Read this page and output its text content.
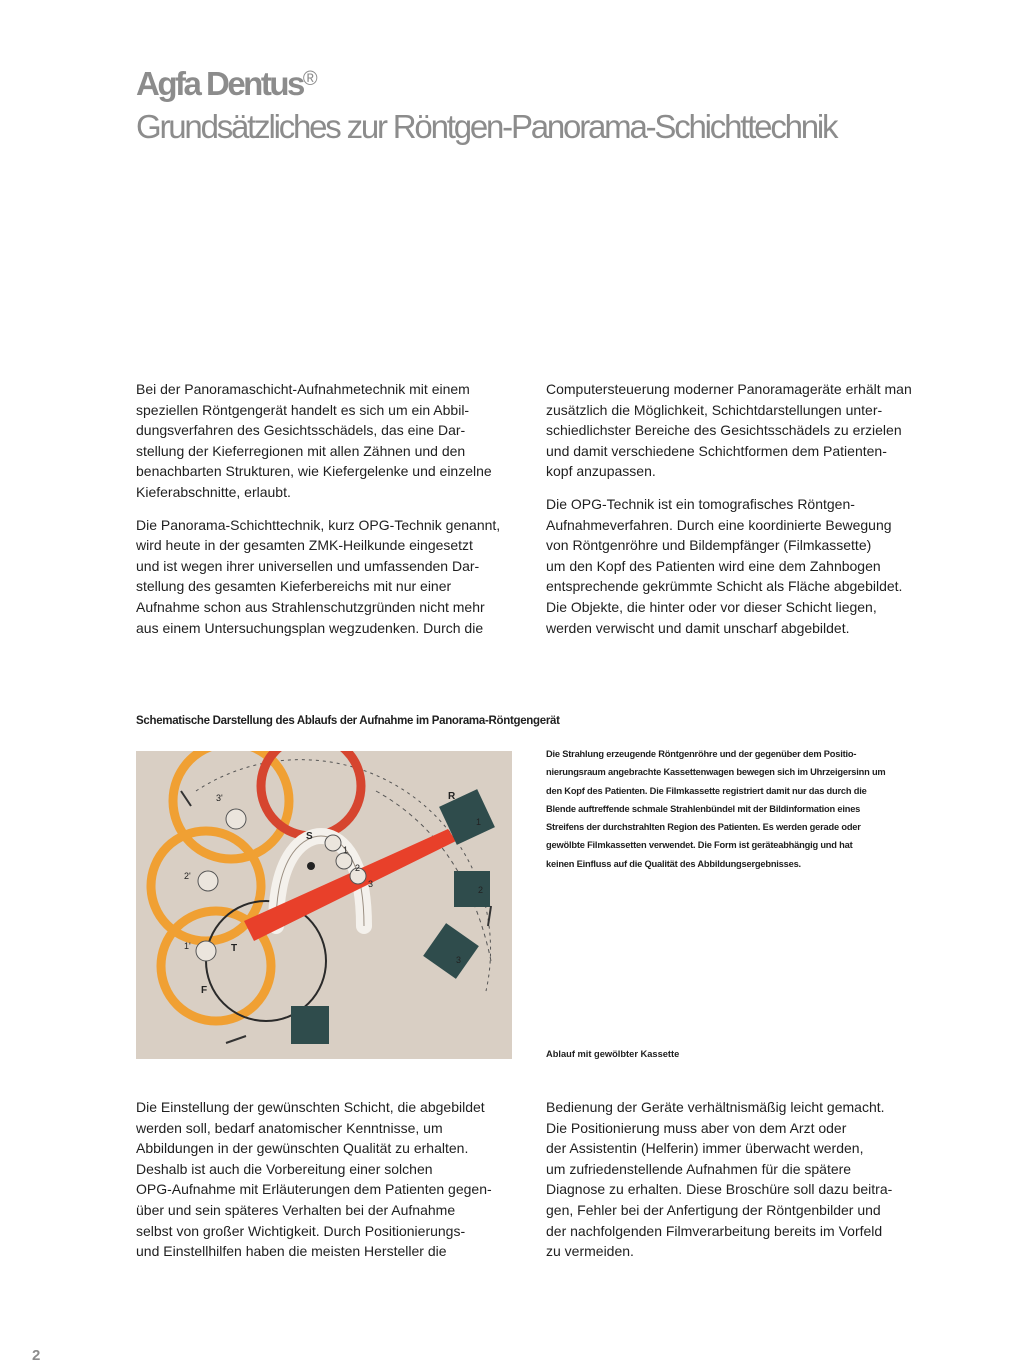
Agfa Dentus®
Grundsätzliches zur Röntgen-Panorama-Schichttechnik
Bei der Panoramaschicht-Aufnahmetechnik mit einem
speziellen Röntgengerät handelt es sich um ein Abbil-
dungsverfahren des Gesichtsschädels, das eine Dar-
stellung der Kieferregionen mit allen Zähnen und den
benachbarten Strukturen, wie Kiefergelenke und einzelne
Kieferabschnitte, erlaubt.
Die Panorama-Schichttechnik, kurz OPG-Technik genannt,
wird heute in der gesamten ZMK-Heilkunde eingesetzt
und ist wegen ihrer universellen und umfassenden Dar-
stellung des gesamten Kieferbereichs mit nur einer
Aufnahme schon aus Strahlenschutzgründen nicht mehr
aus einem Untersuchungsplan wegzudenken. Durch die
Computersteuerung moderner Panoramageräte erhält man
zusätzlich die Möglichkeit, Schichtdarstellungen unter-
schiedlichster Bereiche des Gesichtsschädels zu erzielen
und damit verschiedene Schichtformen dem Patienten-
kopf anzupassen.
Die OPG-Technik ist ein tomografisches Röntgen-
Aufnahmeverfahren. Durch eine koordinierte Bewegung
von Röntgenröhre und Bildempfänger (Filmkassette)
um den Kopf des Patienten wird eine dem Zahnbogen
entsprechende gekrümmte Schicht als Fläche abgebildet.
Die Objekte, die hinter oder vor dieser Schicht liegen,
werden verwischt und damit unscharf abgebildet.
Schematische Darstellung des Ablaufs der Aufnahme im Panorama-Röntgengerät
R
S
T
F
1
2
3
1'
2'
3'
1
2
3
Die Strahlung erzeugende Röntgenröhre und der gegenüber dem Positio-
nierungsraum angebrachte Kassettenwagen bewegen sich im Uhrzeigersinn um
den Kopf des Patienten. Die Filmkassette registriert damit nur das durch die
Blende auftreffende schmale Strahlenbündel mit der Bildinformation eines
Streifens der durchstrahlten Region des Patienten. Es werden gerade oder
gewölbte Filmkassetten verwendet. Die Form ist geräteabhängig und hat
keinen Einfluss auf die Qualität des Abbildungsergebnisses.
Ablauf mit gewölbter Kassette
Die Einstellung der gewünschten Schicht, die abgebildet
werden soll, bedarf anatomischer Kenntnisse, um
Abbildungen in der gewünschten Qualität zu erhalten.
Deshalb ist auch die Vorbereitung einer solchen
OPG-Aufnahme mit Erläuterungen dem Patienten gegen-
über und sein späteres Verhalten bei der Aufnahme
selbst von großer Wichtigkeit. Durch Positionierungs-
und Einstellhilfen haben die meisten Hersteller die
Bedienung der Geräte verhältnismäßig leicht gemacht.
Die Positionierung muss aber von dem Arzt oder
der Assistentin (Helferin) immer überwacht werden,
um zufriedenstellende Aufnahmen für die spätere
Diagnose zu erhalten. Diese Broschüre soll dazu beitra-
gen, Fehler bei der Anfertigung der Röntgenbilder und
der nachfolgenden Filmverarbeitung bereits im Vorfeld
zu vermeiden.
2
